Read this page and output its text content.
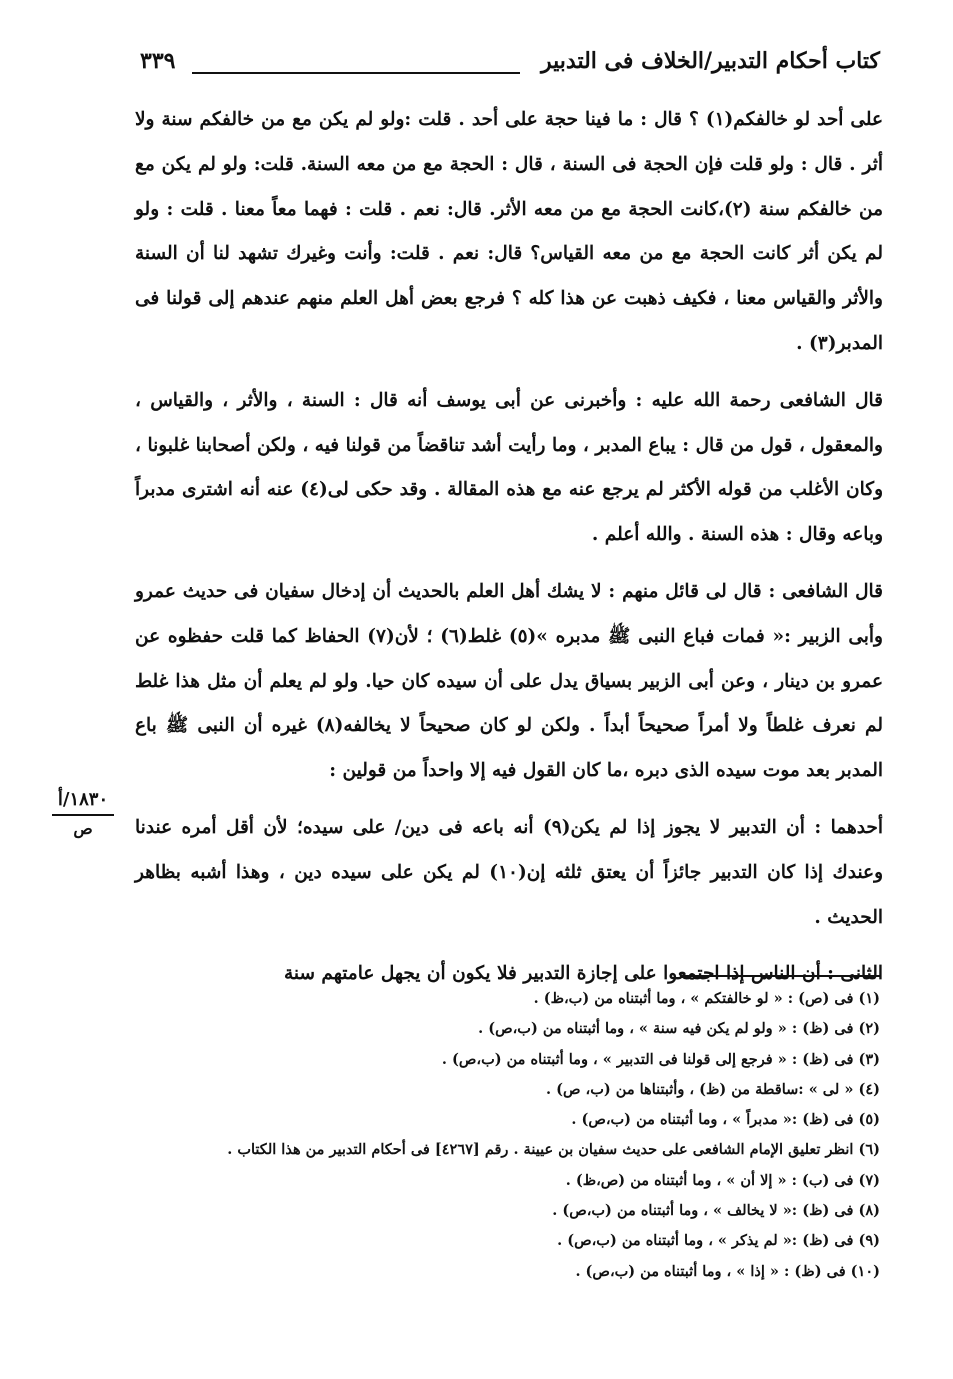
كتاب أحكام التدبير/الخلاف فى التدبير
٣٣٩

على أحد لو خالفكم(١) ؟ قال : ما فينا حجة على أحد . قلت :ولو لم يكن مع من خالفكم سنة ولا أثر . قال : ولو قلت فإن الحجة فى السنة ، قال : الحجة مع من معه السنة. قلت: ولو لم يكن مع من خالفكم سنة (٢)،كانت الحجة مع من معه الأثر. قال: نعم . قلت : فهما معاً معنا . قلت : ولو لم يكن أثر كانت الحجة مع من معه القياس؟ قال: نعم . قلت: وأنت وغيرك تشهد لنا أن السنة والأثر والقياس معنا ، فكيف ذهبت عن هذا كله ؟ فرجع بعض أهل العلم منهم عندهم إلى قولنا فى المدبر(٣) .

قال الشافعى رحمة الله عليه : وأخبرنى عن أبى يوسف أنه قال : السنة ، والأثر ، والقياس ، والمعقول ، قول من قال : يباع المدبر ، وما رأيت أشد تناقضاً من قولنا فيه ، ولكن أصحابنا غلبونا ، وكان الأغلب من قوله الأكثر لم يرجع عنه مع هذه المقالة . وقد حكى لى(٤) عنه أنه اشترى مدبراً وباعه وقال : هذه السنة . والله أعلم .

قال الشافعى : قال لى قائل منهم : لا يشك أهل العلم بالحديث أن إدخال سفيان فى حديث عمرو وأبى الزبير :« فمات فباع النبى ﷺ مدبره »(٥) غلط(٦) ؛ لأن(٧) الحفاظ كما قلت حفظوه عن عمرو بن دينار ، وعن أبى الزبير بسياق يدل على أن سيده كان حيا. ولو لم يعلم أن مثل هذا غلط لم نعرف غلطاً ولا أمراً صحيحاً أبداً . ولكن لو كان صحيحاً لا يخالفه(٨) غيره أن النبى ﷺ باع المدبر بعد موت سيده الذى دبره ،ما كان القول فيه إلا واحداً من قولين :

أحدهما : أن التدبير لا يجوز إذا لم يكن(٩) أنه باعه فى دين/ على سيده؛ لأن أقل أمره عندنا وعندك إذا كان التدبير جائزاً أن يعتق ثلثه إن(١٠) لم يكن على سيده دين ، وهذا أشبه بظاهر الحديث .

الثانى : أن الناس إذا اجتمعوا على إجازة التدبير فلا يكون أن يجهل عامتهم سنة

١٨٣٠/أ
ص
(١) فى (ص) : « لو خالفتكم » ، وما أثبتناه من (ب،ظ) .
(٢) فى (ظ) : « ولو لم يكن فيه سنة » ، وما أثبتناه من (ب،ص) .
(٣) فى (ظ) : « فرجع إلى قولنا فى التدبير » ، وما أثبتناه من (ب،ص) .
(٤) « لى » :ساقطة من (ظ) ، وأثبتناها من (ب، ص) .
(٥) فى (ظ) :« مدبراً » ، وما أثبتناه من (ب،ص) .
(٦) انظر تعليق الإمام الشافعى على حديث سفيان بن عيينة . رقم [٤٢٦٧] فى أحكام التدبير من هذا الكتاب .
(٧) فى (ب) : « إلا أن » ، وما أثبتناه من (ص،ظ) .
(٨) فى (ظ) :« لا يخالف » ، وما أثبتناه من (ب،ص) .
(٩) فى (ظ) :« لم يذكر » ، وما أثبتناه من (ب،ص) .
(١٠) فى (ظ) : « إذا » ، وما أثبتناه من (ب،ص) .
